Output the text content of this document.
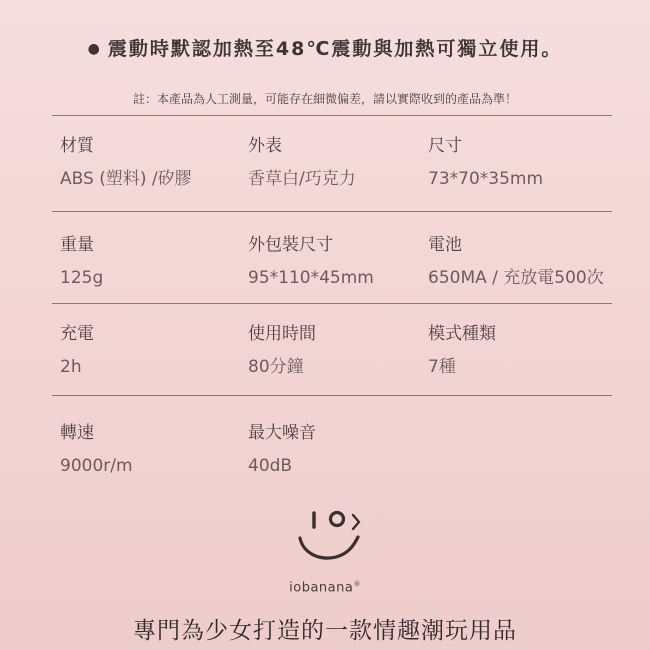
● 震動時默認加熱至48℃震動與加熱可獨立使用。
註：本產品為人工測量，可能存在細微偏差，請以實際收到的產品為準！
材質
ABS (塑料) /矽膠
外表
香草白/巧克力
尺寸
73*70*35mm
重量
125g
外包裝尺寸
95*110*45mm
電池
650MA / 充放電500次
充電
2h
使用時間
80分鐘
模式種類
7種
轉速
9000r/m
最大噪音
40dB
iobanana®
專門為少女打造的一款情趣潮玩用品
